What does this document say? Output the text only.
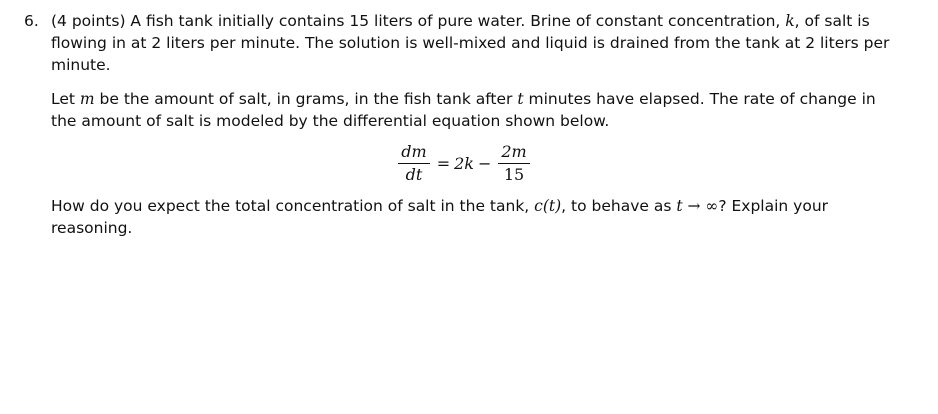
6. (4 points) A fish tank initially contains 15 liters of pure water. Brine of constant concentration, k, of salt is flowing in at 2 liters per minute. The solution is well-mixed and liquid is drained from the tank at 2 liters per minute.

Let m be the amount of salt, in grams, in the fish tank after t minutes have elapsed. The rate of change in the amount of salt is modeled by the differential equation shown below.

$\frac{dm}{dt} = 2k - \frac{2m}{15}$

How do you expect the total concentration of salt in the tank, c(t), to behave as t → ∞? Explain your reasoning.
